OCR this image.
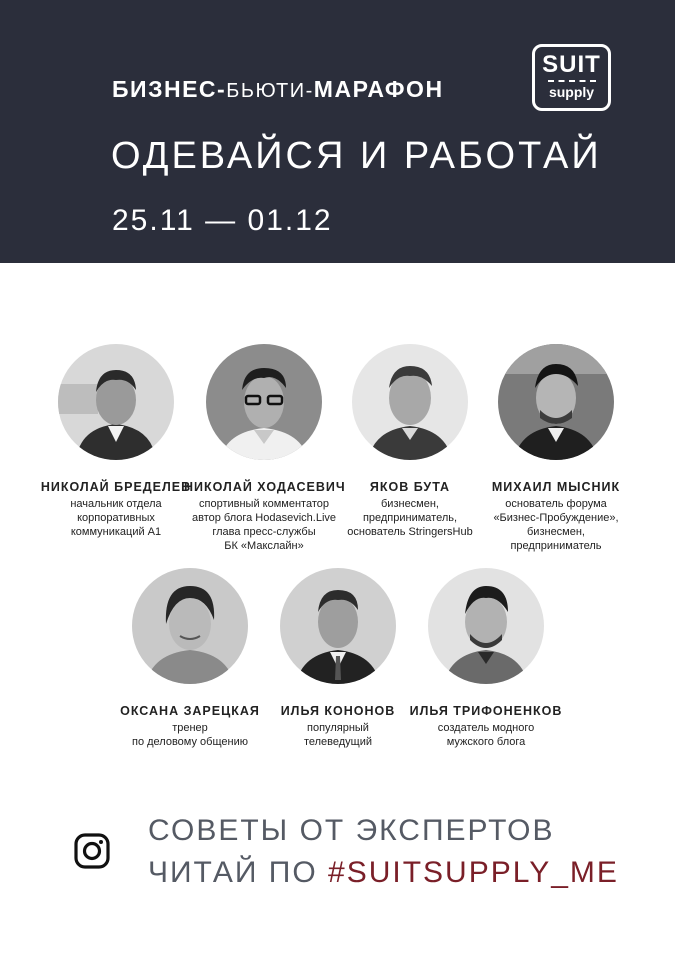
БИЗНЕС-БЬЮТИ-МАРАФОН
ОДЕВАЙСЯ И РАБОТАЙ
25.11 — 01.12
SUIT
supply
НИКОЛАЙ БРЕДЕЛЕВ
начальник отдела
корпоративных
коммуникаций А1
НИКОЛАЙ ХОДАСЕВИЧ
спортивный комментатор
автор блога Hodasevich.Live
глава пресс-службы
БК «Макслайн»
ЯКОВ БУТА
бизнесмен,
предприниматель,
основатель StringersHub
МИХАИЛ МЫСНИК
основатель форума
«Бизнес-Пробуждение»,
бизнесмен,
предприниматель
ОКСАНА ЗАРЕЦКАЯ
тренер
по деловому общению
ИЛЬЯ КОНОНОВ
популярный
телеведущий
ИЛЬЯ ТРИФОНЕНКОВ
создатель модного
мужского блога
СОВЕТЫ ОТ ЭКСПЕРТОВ
ЧИТАЙ ПО #SUITSUPPLY_ME
